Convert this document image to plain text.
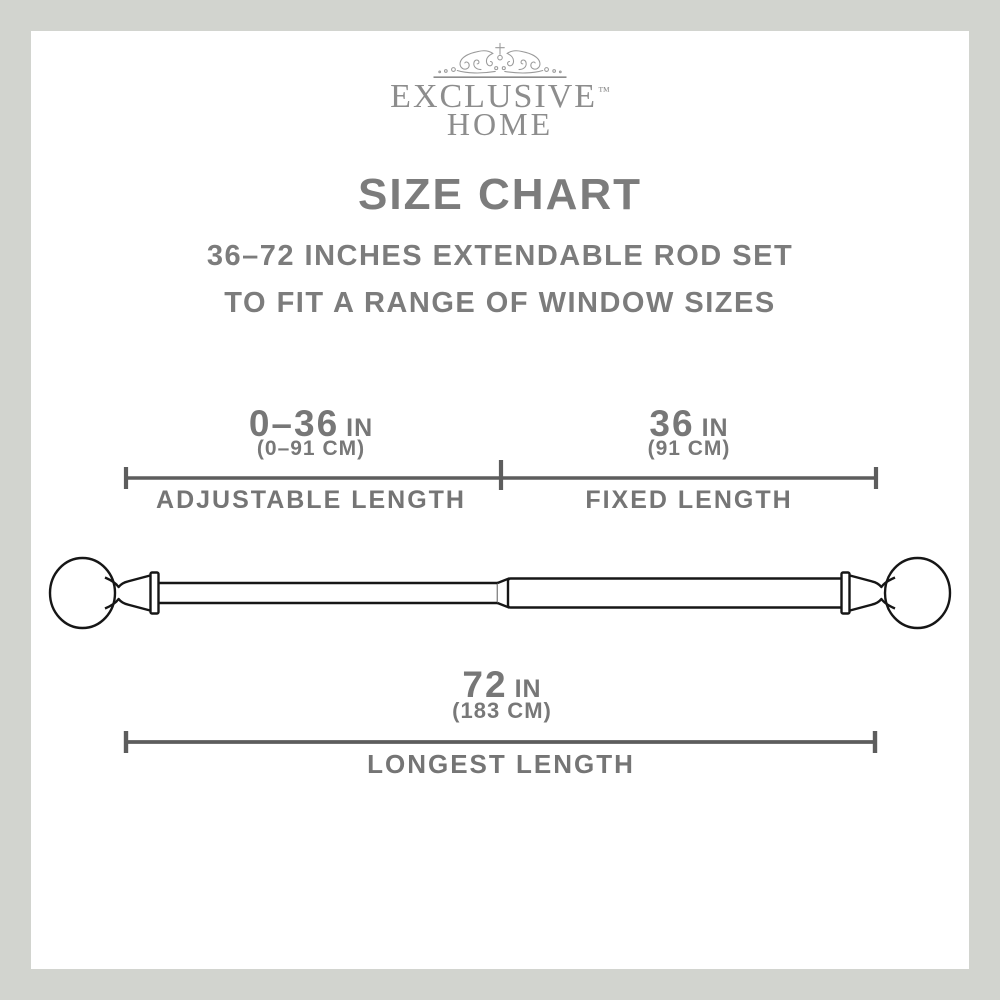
EXCLUSIVE™
HOME
SIZE CHART
36–72 INCHES EXTENDABLE ROD SET
TO FIT A RANGE OF WINDOW SIZES
0–36 IN
(0–91 CM)
36 IN
(91 CM)
ADJUSTABLE LENGTH	FIXED LENGTH
72 IN
(183 CM)
LONGEST LENGTH
